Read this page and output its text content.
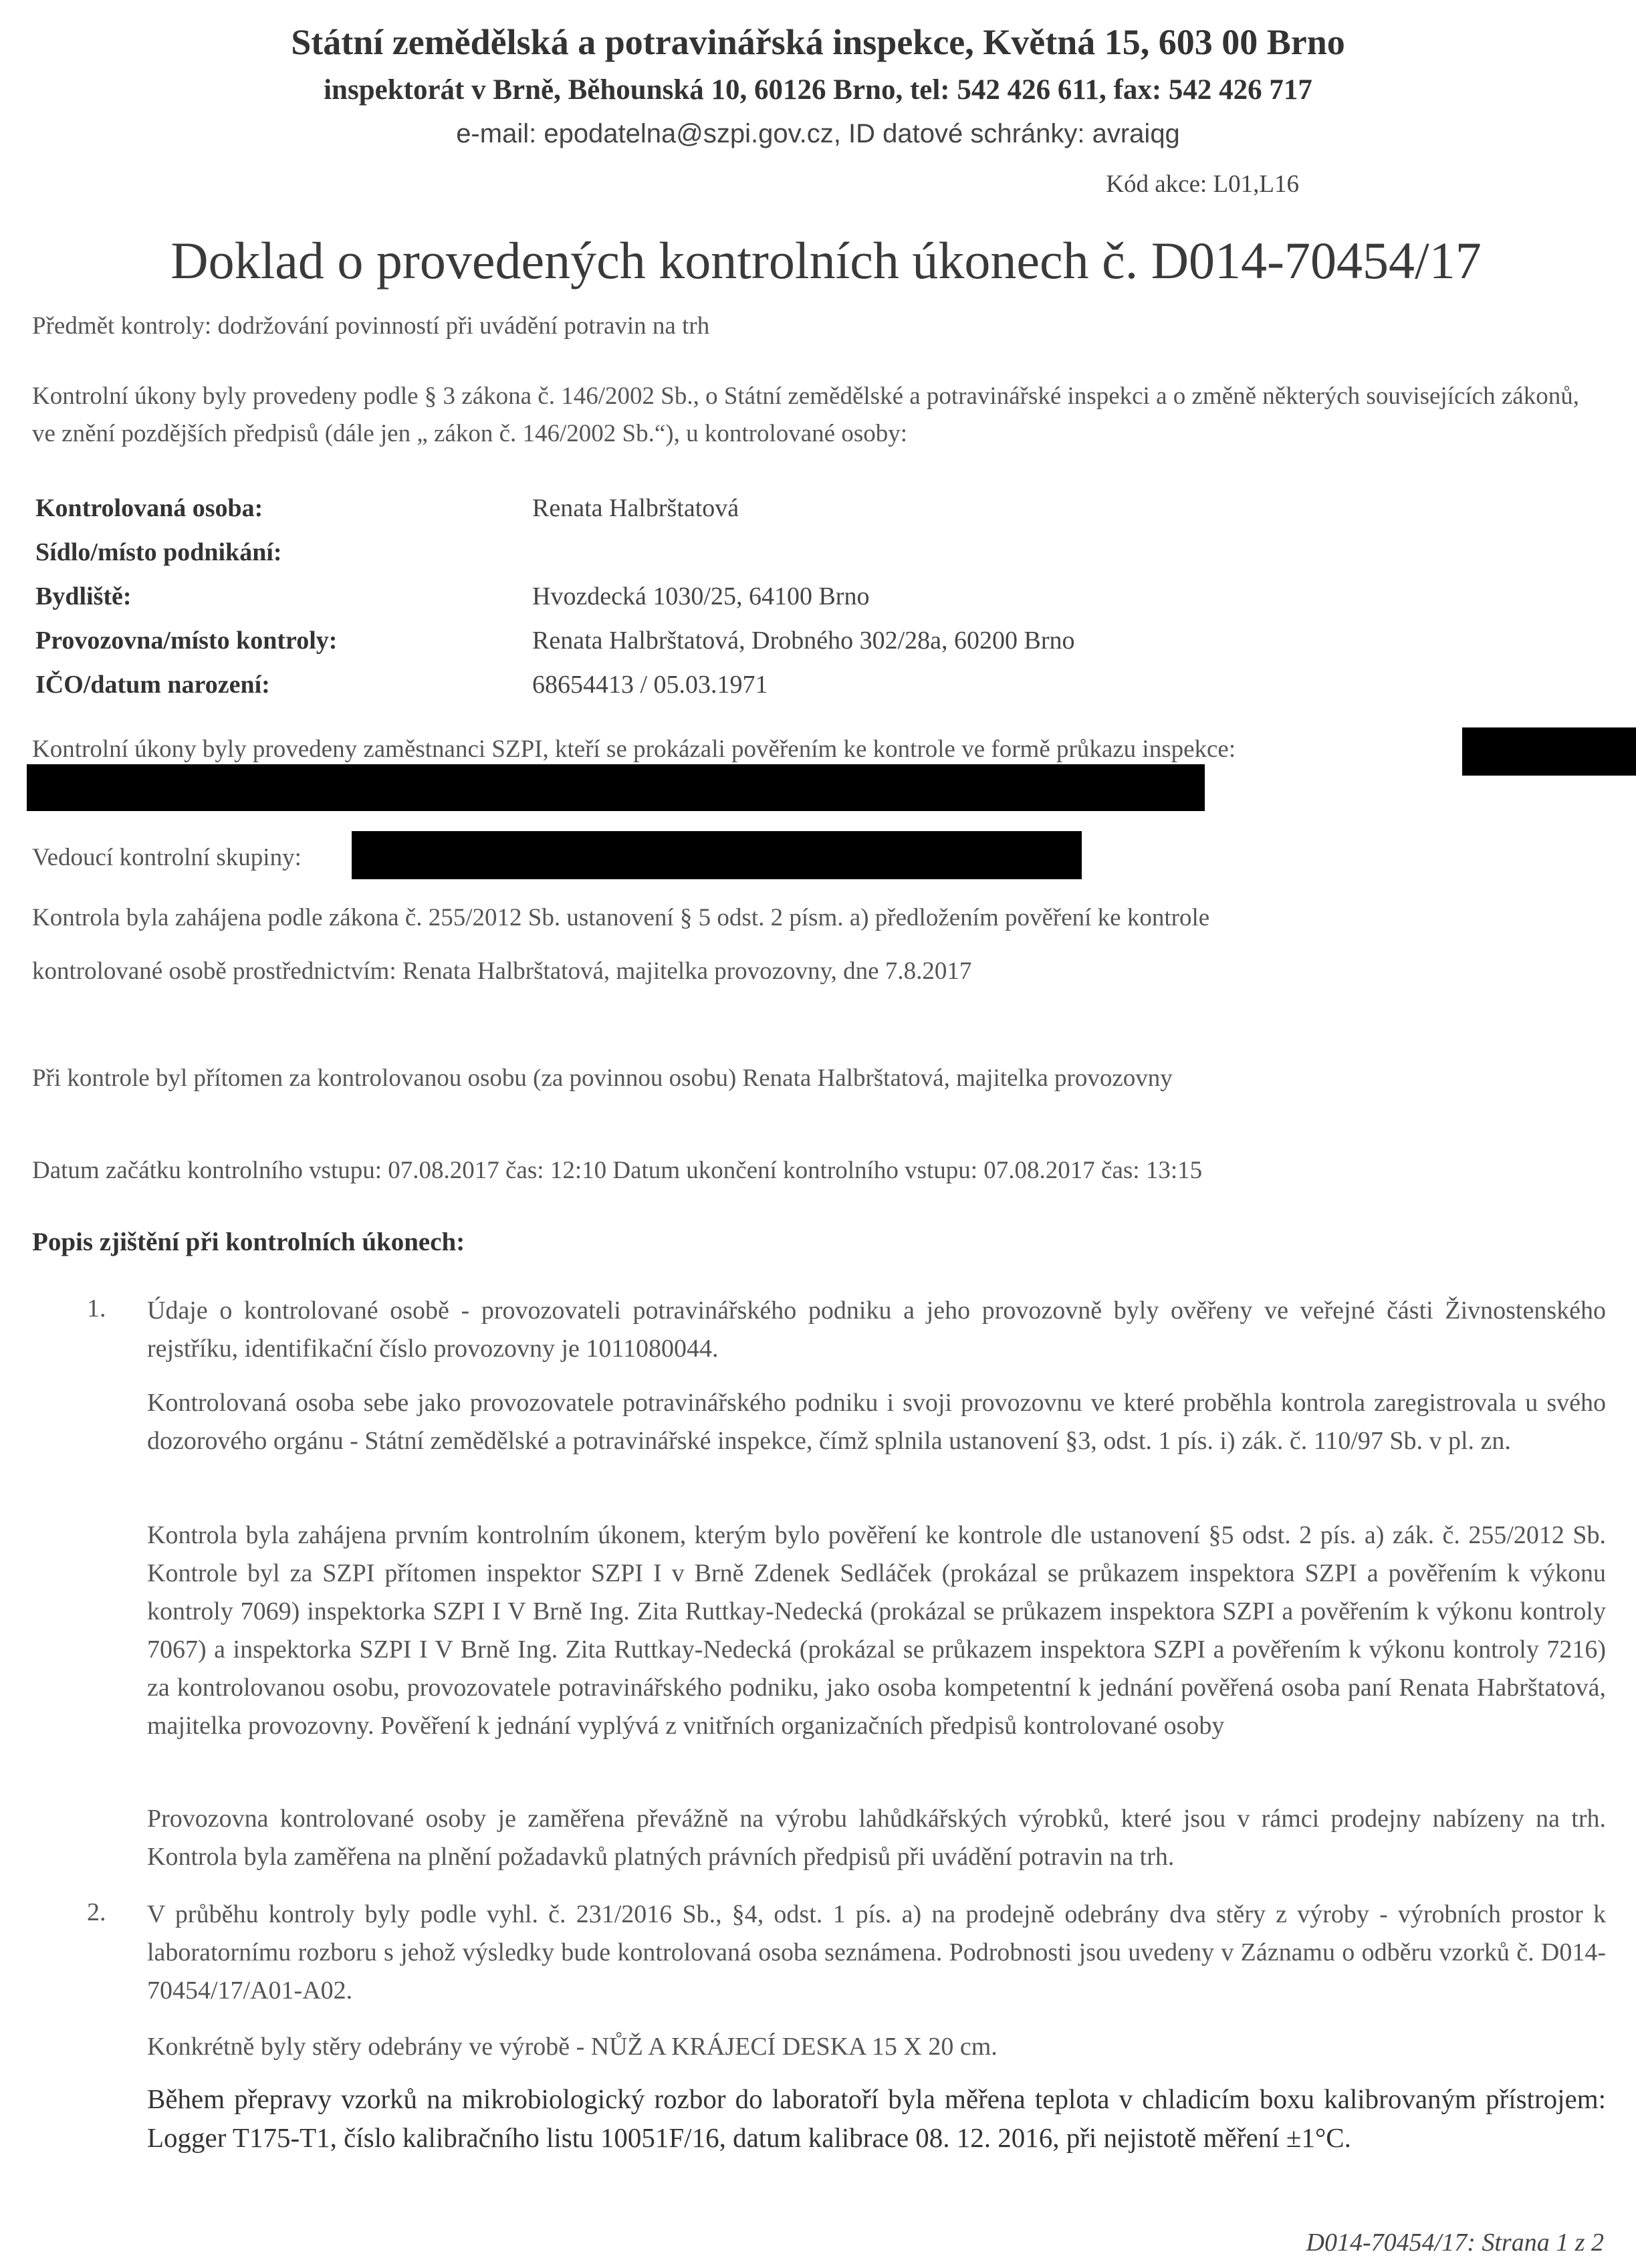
Státní zemědělská a potravinářská inspekce, Květná 15, 603 00 Brno
inspektorát v Brně, Běhounská 10, 60126 Brno, tel: 542 426 611, fax: 542 426 717
e-mail: epodatelna@szpi.gov.cz, ID datové schránky: avraiqg
Kód akce: L01,L16
Doklad o provedených kontrolních úkonech č. D014-70454/17
Předmět kontroly: dodržování povinností při uvádění potravin na trh
Kontrolní úkony byly provedeny podle § 3 zákona č. 146/2002 Sb., o Státní zemědělské a potravinářské inspekci a o změně některých souvisejících zákonů, ve znění pozdějších předpisů (dále jen „ zákon č. 146/2002 Sb.“), u kontrolované osoby:
Kontrolovaná osoba:	Renata Halbrštatová
Sídlo/místo podnikání:
Bydliště:	Hvozdecká 1030/25, 64100 Brno
Provozovna/místo kontroly:	Renata Halbrštatová, Drobného 302/28a, 60200 Brno
IČO/datum narození:	68654413 / 05.03.1971
Kontrolní úkony byly provedeny zaměstnanci SZPI, kteří se prokázali pověřením ke kontrole ve formě průkazu inspekce:
Vedoucí kontrolní skupiny:
Kontrola byla zahájena podle zákona č. 255/2012 Sb. ustanovení § 5 odst. 2 písm. a) předložením pověření ke kontrole
kontrolované osobě prostřednictvím: Renata Halbrštatová, majitelka provozovny, dne 7.8.2017
Při kontrole byl přítomen za kontrolovanou osobu (za povinnou osobu) Renata Halbrštatová, majitelka provozovny
Datum začátku kontrolního vstupu: 07.08.2017 čas: 12:10 Datum ukončení kontrolního vstupu: 07.08.2017 čas: 13:15
Popis zjištění při kontrolních úkonech:
1. Údaje o kontrolované osobě - provozovateli potravinářského podniku a jeho provozovně byly ověřeny ve veřejné části Živnostenského rejstříku, identifikační číslo provozovny je 1011080044.
Kontrolovaná osoba sebe jako provozovatele potravinářského podniku i svoji provozovnu ve které proběhla kontrola zaregistrovala u svého dozorového orgánu - Státní zemědělské a potravinářské inspekce, čímž splnila ustanovení §3, odst. 1 pís. i) zák. č. 110/97 Sb. v pl. zn.
Kontrola byla zahájena prvním kontrolním úkonem, kterým bylo pověření ke kontrole dle ustanovení §5 odst. 2 pís. a) zák. č. 255/2012 Sb. Kontrole byl za SZPI přítomen inspektor SZPI I v Brně Zdenek Sedláček (prokázal se průkazem inspektora SZPI a pověřením k výkonu kontroly 7069) inspektorka SZPI I V Brně Ing. Zita Ruttkay-Nedecká (prokázal se průkazem inspektora SZPI a pověřením k výkonu kontroly 7067) a inspektorka SZPI I V Brně Ing. Zita Ruttkay-Nedecká (prokázal se průkazem inspektora SZPI a pověřením k výkonu kontroly 7216) za kontrolovanou osobu, provozovatele potravinářského podniku, jako osoba kompetentní k jednání pověřená osoba paní Renata Habrštatová, majitelka provozovny. Pověření k jednání vyplývá z vnitřních organizačních předpisů kontrolované osoby
Provozovna kontrolované osoby je zaměřena převážně na výrobu lahůdkářských výrobků, které jsou v rámci prodejny nabízeny na trh. Kontrola byla zaměřena na plnění požadavků platných právních předpisů při uvádění potravin na trh.
2. V průběhu kontroly byly podle vyhl. č. 231/2016 Sb., §4, odst. 1 pís. a) na prodejně odebrány dva stěry z výroby - výrobních prostor k laboratornímu rozboru s jehož výsledky bude kontrolovaná osoba seznámena. Podrobnosti jsou uvedeny v Záznamu o odběru vzorků č. D014-70454/17/A01-A02.
Konkrétně byly stěry odebrány ve výrobě - NŮŽ A KRÁJECÍ DESKA 15 X 20 cm.
Během přepravy vzorků na mikrobiologický rozbor do laboratoří byla měřena teplota v chladicím boxu kalibrovaným přístrojem: Logger T175-T1, číslo kalibračního listu 10051F/16, datum kalibrace 08. 12. 2016, při nejistotě měření ±1°C.
D014-70454/17: Strana 1 z 2
